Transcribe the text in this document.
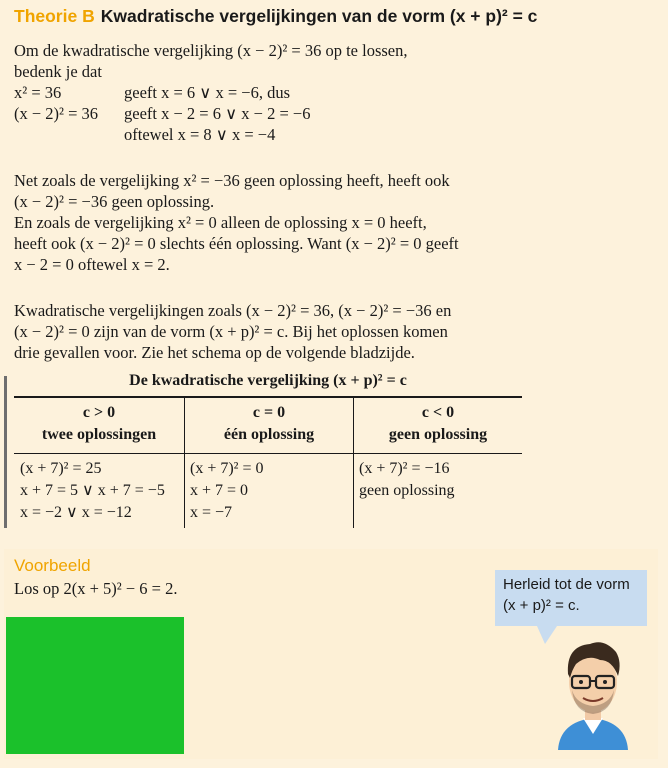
Theorie B Kwadratische vergelijkingen van de vorm (x + p)² = c
Om de kwadratische vergelijking (x − 2)² = 36 op te lossen,
bedenk je dat
x² = 36	geeft x = 6 ∨ x = −6, dus
(x − 2)² = 36 geeft x − 2 = 6 ∨ x − 2 = −6
oftewel x = 8 ∨ x = −4
Net zoals de vergelijking x² = −36 geen oplossing heeft, heeft ook
(x − 2)² = −36 geen oplossing.
En zoals de vergelijking x² = 0 alleen de oplossing x = 0 heeft,
heeft ook (x − 2)² = 0 slechts één oplossing. Want (x − 2)² = 0 geeft
x − 2 = 0 oftewel x = 2.
Kwadratische vergelijkingen zoals (x − 2)² = 36, (x − 2)² = −36 en
(x − 2)² = 0 zijn van de vorm (x + p)² = c. Bij het oplossen komen
drie gevallen voor. Zie het schema op de volgende bladzijde.
De kwadratische vergelijking (x + p)² = c
c > 0
twee oplossingen
c = 0
één oplossing
c < 0
geen oplossing
(x + 7)² = 25
x + 7 = 5 ∨ x + 7 = −5
x = −2 ∨ x = −12
(x + 7)² = 0
x + 7 = 0
x = −7
(x + 7)² = −16
geen oplossing
Voorbeeld
Los op 2(x + 5)² − 6 = 2.	Herleid tot de vorm
(x + p)² = c.
